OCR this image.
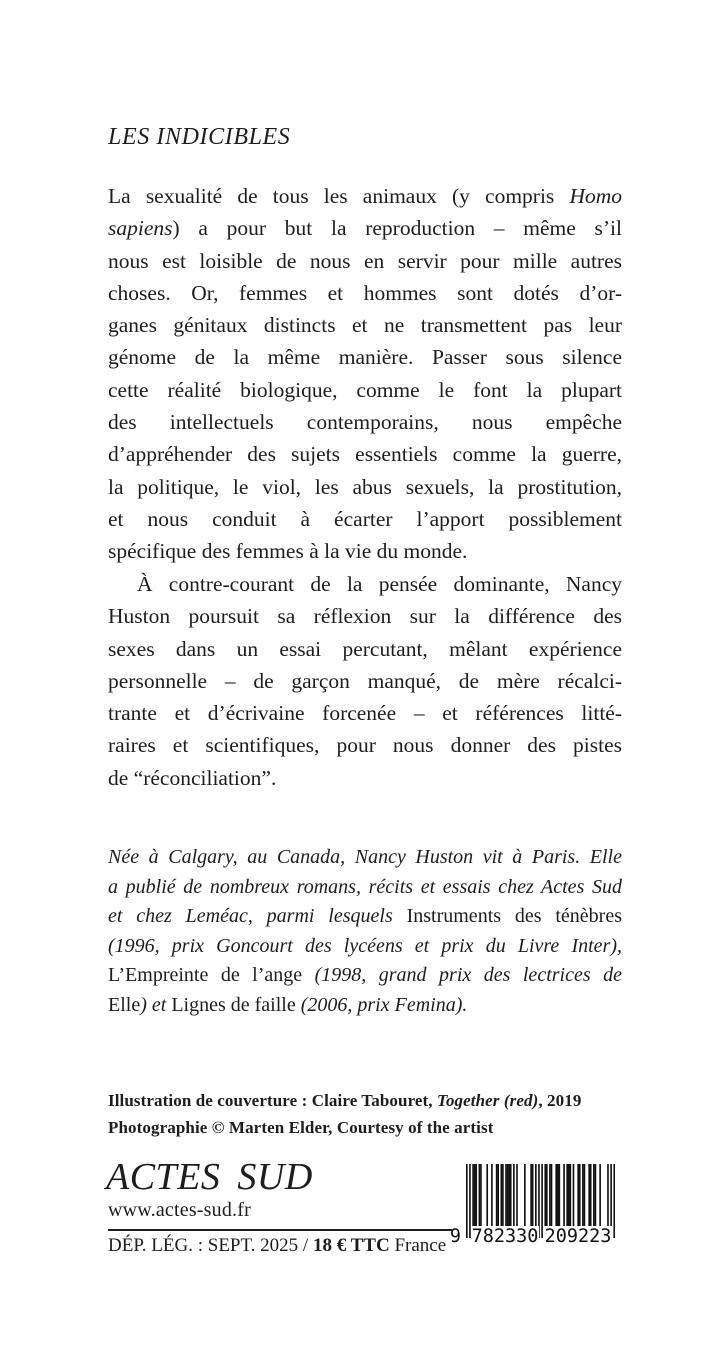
LES INDICIBLES
La sexualité de tous les animaux (y compris Homo
sapiens) a pour but la reproduction – même s’il
nous est loisible de nous en servir pour mille autres
choses. Or, femmes et hommes sont dotés d’or-
ganes génitaux distincts et ne transmettent pas leur
génome de la même manière. Passer sous silence
cette réalité biologique, comme le font la plupart
des intellectuels contemporains, nous empêche
d’appréhender des sujets essentiels comme la guerre,
la politique, le viol, les abus sexuels, la prostitution,
et nous conduit à écarter l’apport possiblement
spécifique des femmes à la vie du monde.
À contre-courant de la pensée dominante, Nancy
Huston poursuit sa réflexion sur la différence des
sexes dans un essai percutant, mêlant expérience
personnelle – de garçon manqué, de mère récalci-
trante et d’écrivaine forcenée – et références litté-
raires et scientifiques, pour nous donner des pistes
de “réconciliation”.
Née à Calgary, au Canada, Nancy Huston vit à Paris. Elle
a publié de nombreux romans, récits et essais chez Actes Sud
et chez Leméac, parmi lesquels Instruments des ténèbres
(1996, prix Goncourt des lycéens et prix du Livre Inter),
L’Empreinte de l’ange (1998, grand prix des lectrices de
Elle) et Lignes de faille (2006, prix Femina).
Illustration de couverture : Claire Tabouret, Together (red), 2019
Photographie © Marten Elder, Courtesy of the artist
ACTES SUD
www.actes-sud.fr
DÉP. LÉG. : SEPT. 2025 / 18 € TTC France 9 782330 209223
